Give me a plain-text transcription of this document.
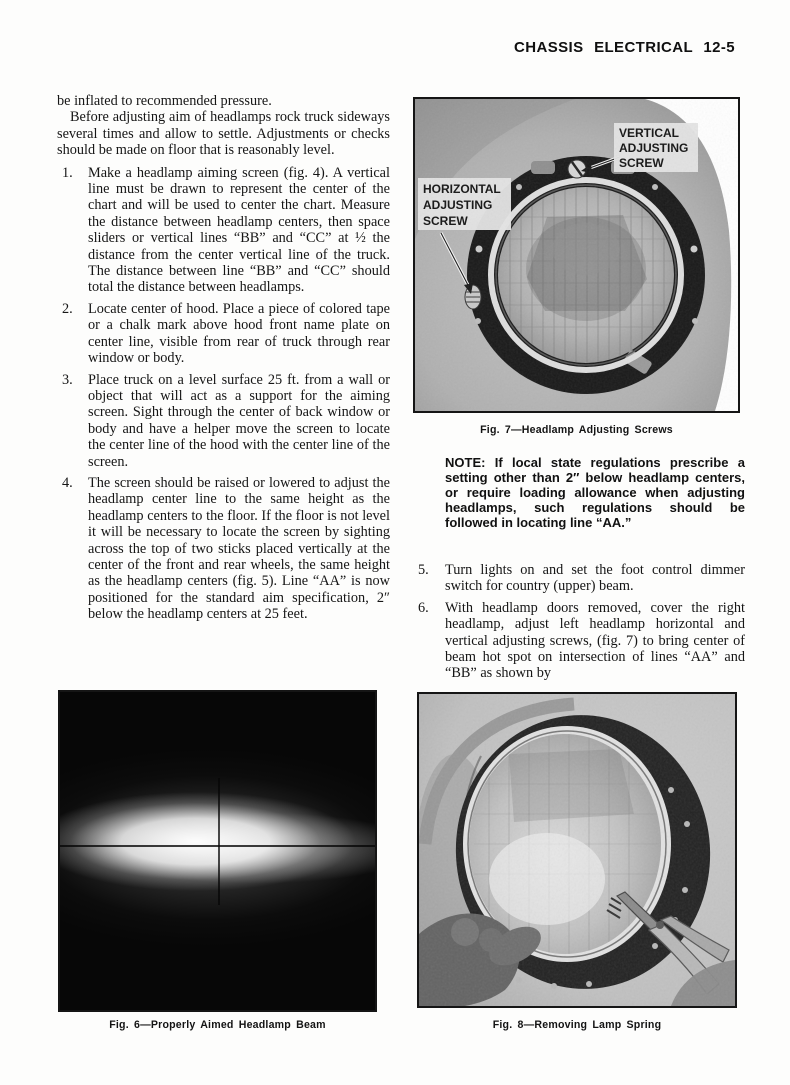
CHASSIS ELECTRICAL 12-5
be inflated to recommended pressure.
Before adjusting aim of headlamps rock truck sideways several times and allow to settle. Adjustments or checks should be made on floor that is reasonably level.
1.	Make a headlamp aiming screen (fig. 4). A vertical line must be drawn to represent the center of the chart and will be used to center the chart. Measure the distance between headlamp centers, then space sliders or vertical lines “BB” and “CC” at ½ the distance from the center vertical line of the truck. The distance between line “BB” and “CC” should total the distance between headlamps.
2.	Locate center of hood. Place a piece of colored tape or a chalk mark above hood front name plate on center line, visible from rear of truck through rear window or body.
3.	Place truck on a level surface 25 ft. from a wall or object that will act as a support for the aiming screen. Sight through the center of back window or body and have a helper move the screen to locate the center line of the hood with the center line of the screen.
4.	The screen should be raised or lowered to adjust the headlamp center line to the same height as the headlamp centers to the floor. If the floor is not level it will be necessary to locate the screen by sighting across the top of two sticks placed vertically at the center of the front and rear wheels, the same height as the headlamp centers (fig. 5). Line “AA” is now positioned for the standard aim specification, 2″ below the headlamp centers at 25 feet.
VERTICAL
ADJUSTING
SCREW
HORIZONTAL
ADJUSTING
SCREW
Fig. 7—Headlamp Adjusting Screws
NOTE: If local state regulations prescribe a setting other than 2″ below headlamp centers, or require loading allowance when adjusting headlamps, such regulations should be followed in locating line “AA.”
5.	Turn lights on and set the foot control dimmer switch for country (upper) beam.
6.	With headlamp doors removed, cover the right headlamp, adjust left headlamp horizontal and vertical adjusting screws, (fig. 7) to bring center of beam hot spot on intersection of lines “AA” and “BB” as shown by
Fig. 6—Properly Aimed Headlamp Beam	Fig. 8—Removing Lamp Spring
